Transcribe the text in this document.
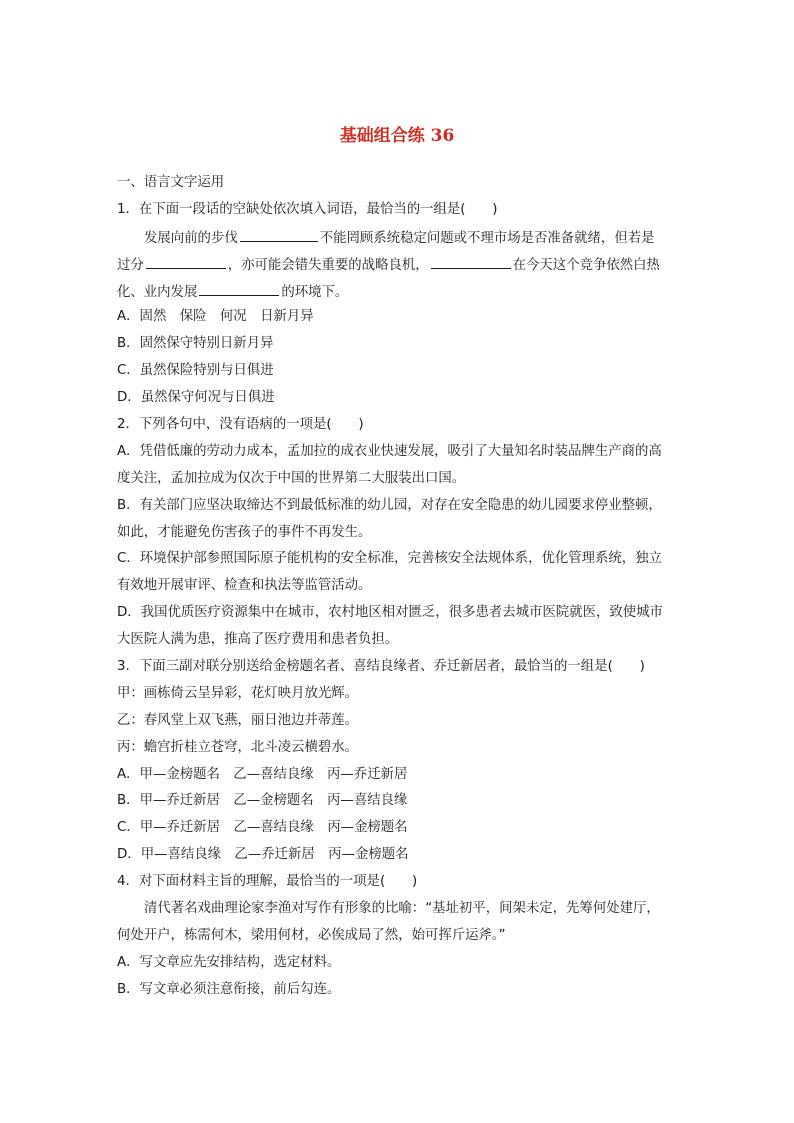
基础组合练 36
一、语言文字运用
1．在下面一段话的空缺处依次填入词语，最恰当的一组是(　　)
发展向前的步伐	不能罔顾系统稳定问题或不理市场是否准备就绪，但若是
过分	，亦可能会错失重要的战略良机，	在今天这个竞争依然白热
化、业内发展	的环境下。
A．固然　保险　何况　日新月异
B．固然保守特别日新月异
C．虽然保险特别与日俱进
D．虽然保守何况与日俱进
2．下列各句中，没有语病的一项是(　　)
A．凭借低廉的劳动力成本，孟加拉的成衣业快速发展，吸引了大量知名时装品牌生产商的高
度关注，孟加拉成为仅次于中国的世界第二大服装出口国。
B．有关部门应坚决取缔达不到最低标准的幼儿园，对存在安全隐患的幼儿园要求停业整顿，
如此，才能避免伤害孩子的事件不再发生。
C．环境保护部参照国际原子能机构的安全标准，完善核安全法规体系，优化管理系统，独立
有效地开展审评、检查和执法等监管活动。
D．我国优质医疗资源集中在城市，农村地区相对匮乏，很多患者去城市医院就医，致使城市
大医院人满为患，推高了医疗费用和患者负担。
3．下面三副对联分别送给金榜题名者、喜结良缘者、乔迁新居者，最恰当的一组是(　　)
甲：画栋倚云呈异彩，花灯映月放光辉。
乙：春风堂上双飞燕，丽日池边并蒂莲。
丙：蟾宫折桂立苍穹，北斗凌云横碧水。
A．甲—金榜题名　乙—喜结良缘　丙—乔迁新居
B．甲—乔迁新居　乙—金榜题名　丙—喜结良缘
C．甲—乔迁新居　乙—喜结良缘　丙—金榜题名
D．甲—喜结良缘　乙—乔迁新居　丙—金榜题名
4．对下面材料主旨的理解，最恰当的一项是(　　)
清代著名戏曲理论家李渔对写作有形象的比喻：“基址初平，间架未定，先筹何处建厅，
何处开户，栋需何木，梁用何材，必俟成局了然，始可挥斤运斧。”
A．写文章应先安排结构，选定材料。
B．写文章必须注意衔接，前后勾连。
